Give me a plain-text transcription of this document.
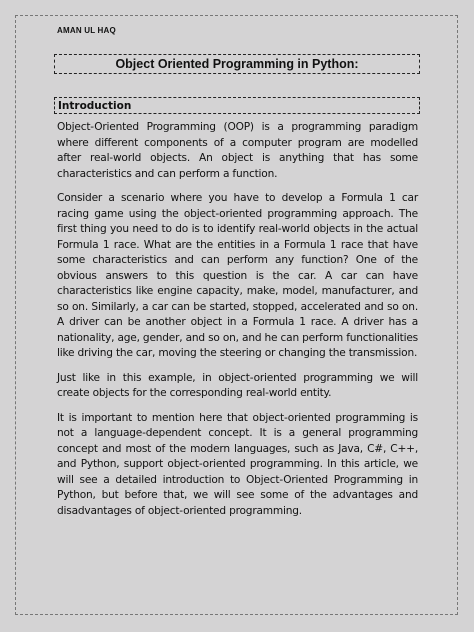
AMAN UL HAQ
Object Oriented Programming in Python:
Introduction

Object-Oriented Programming (OOP) is a programming paradigm where different components of a computer program are modelled after real-world objects. An object is anything that has some characteristics and can perform a function.

Consider a scenario where you have to develop a Formula 1 car racing game using the object-oriented programming approach. The first thing you need to do is to identify real-world objects in the actual Formula 1 race. What are the entities in a Formula 1 race that have some characteristics and can perform any function? One of the obvious answers to this question is the car. A car can have characteristics like engine capacity, make, model, manufacturer, and so on. Similarly, a car can be started, stopped, accelerated and so on. A driver can be another object in a Formula 1 race. A driver has a nationality, age, gender, and so on, and he can perform functionalities like driving the car, moving the steering or changing the transmission.

Just like in this example, in object-oriented programming we will create objects for the corresponding real-world entity.

It is important to mention here that object-oriented programming is not a language-dependent concept. It is a general programming concept and most of the modern languages, such as Java, C#, C++, and Python, support object-oriented programming. In this article, we will see a detailed introduction to Object-Oriented Programming in Python, but before that, we will see some of the advantages and disadvantages of object-oriented programming.
